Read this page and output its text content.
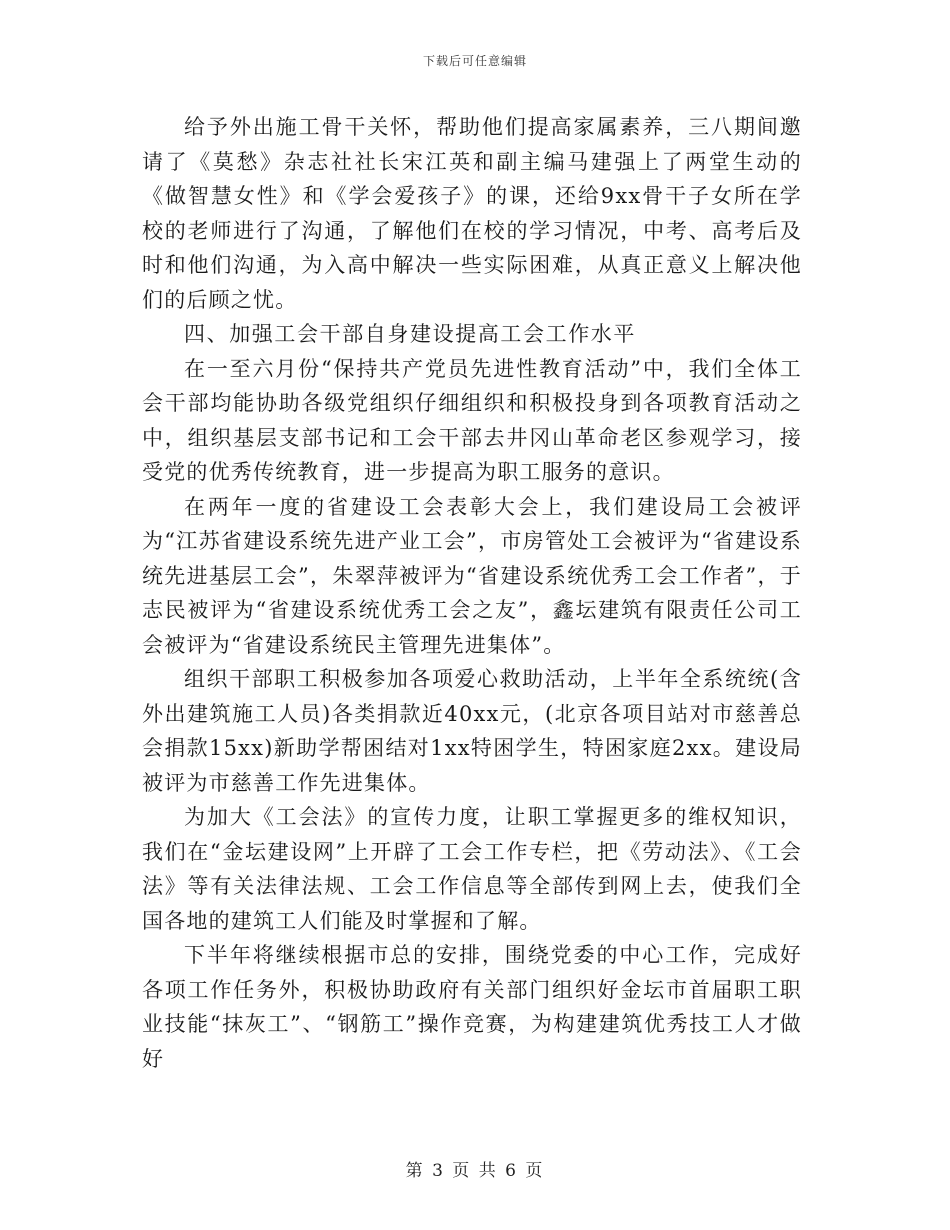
下载后可任意编辑

给予外出施工骨干关怀，帮助他们提高家属素养，三八期间邀请了《莫愁》杂志社社长宋江英和副主编马建强上了两堂生动的《做智慧女性》和《学会爱孩子》的课，还给9xx骨干子女所在学校的老师进行了沟通，了解他们在校的学习情况，中考、高考后及时和他们沟通，为入高中解决一些实际困难，从真正意义上解决他们的后顾之忧。

四、加强工会干部自身建设提高工会工作水平

在一至六月份“保持共产党员先进性教育活动”中，我们全体工会干部均能协助各级党组织仔细组织和积极投身到各项教育活动之中，组织基层支部书记和工会干部去井冈山革命老区参观学习，接受党的优秀传统教育，进一步提高为职工服务的意识。

在两年一度的省建设工会表彰大会上，我们建设局工会被评为“江苏省建设系统先进产业工会”，市房管处工会被评为“省建设系统先进基层工会”，朱翠萍被评为“省建设系统优秀工会工作者”，于志民被评为“省建设系统优秀工会之友”，鑫坛建筑有限责任公司工会被评为“省建设系统民主管理先进集体”。

组织干部职工积极参加各项爱心救助活动，上半年全系统统(含外出建筑施工人员)各类捐款近40xx元，(北京各项目站对市慈善总会捐款15xx)新助学帮困结对1xx特困学生，特困家庭2xx。建设局被评为市慈善工作先进集体。

为加大《工会法》的宣传力度，让职工掌握更多的维权知识，我们在“金坛建设网”上开辟了工会工作专栏，把《劳动法》、《工会法》等有关法律法规、工会工作信息等全部传到网上去，使我们全国各地的建筑工人们能及时掌握和了解。

下半年将继续根据市总的安排，围绕党委的中心工作，完成好各项工作任务外，积极协助政府有关部门组织好金坛市首届职工职业技能“抹灰工”、“钢筋工”操作竞赛，为构建建筑优秀技工人才做好

第 3 页 共 6 页
